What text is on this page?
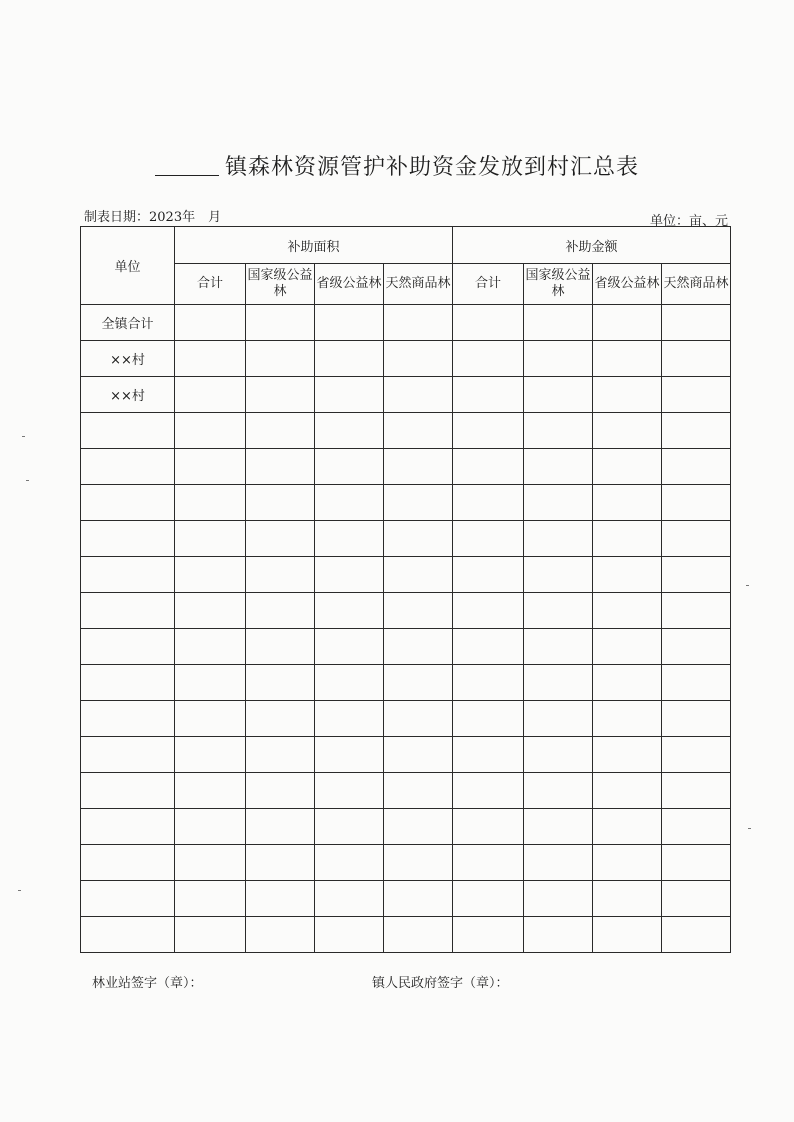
镇森林资源管护补助资金发放到村汇总表
制表日期：2023年　月	单位：亩、元
单位	补助面积				补助金额			
	合计	国家级公益林	省级公益林	天然商品林	合计	国家级公益林	省级公益林	天然商品林
全镇合计								
××村								
××村								

林业站签字（章）：	镇人民政府签字（章）：
